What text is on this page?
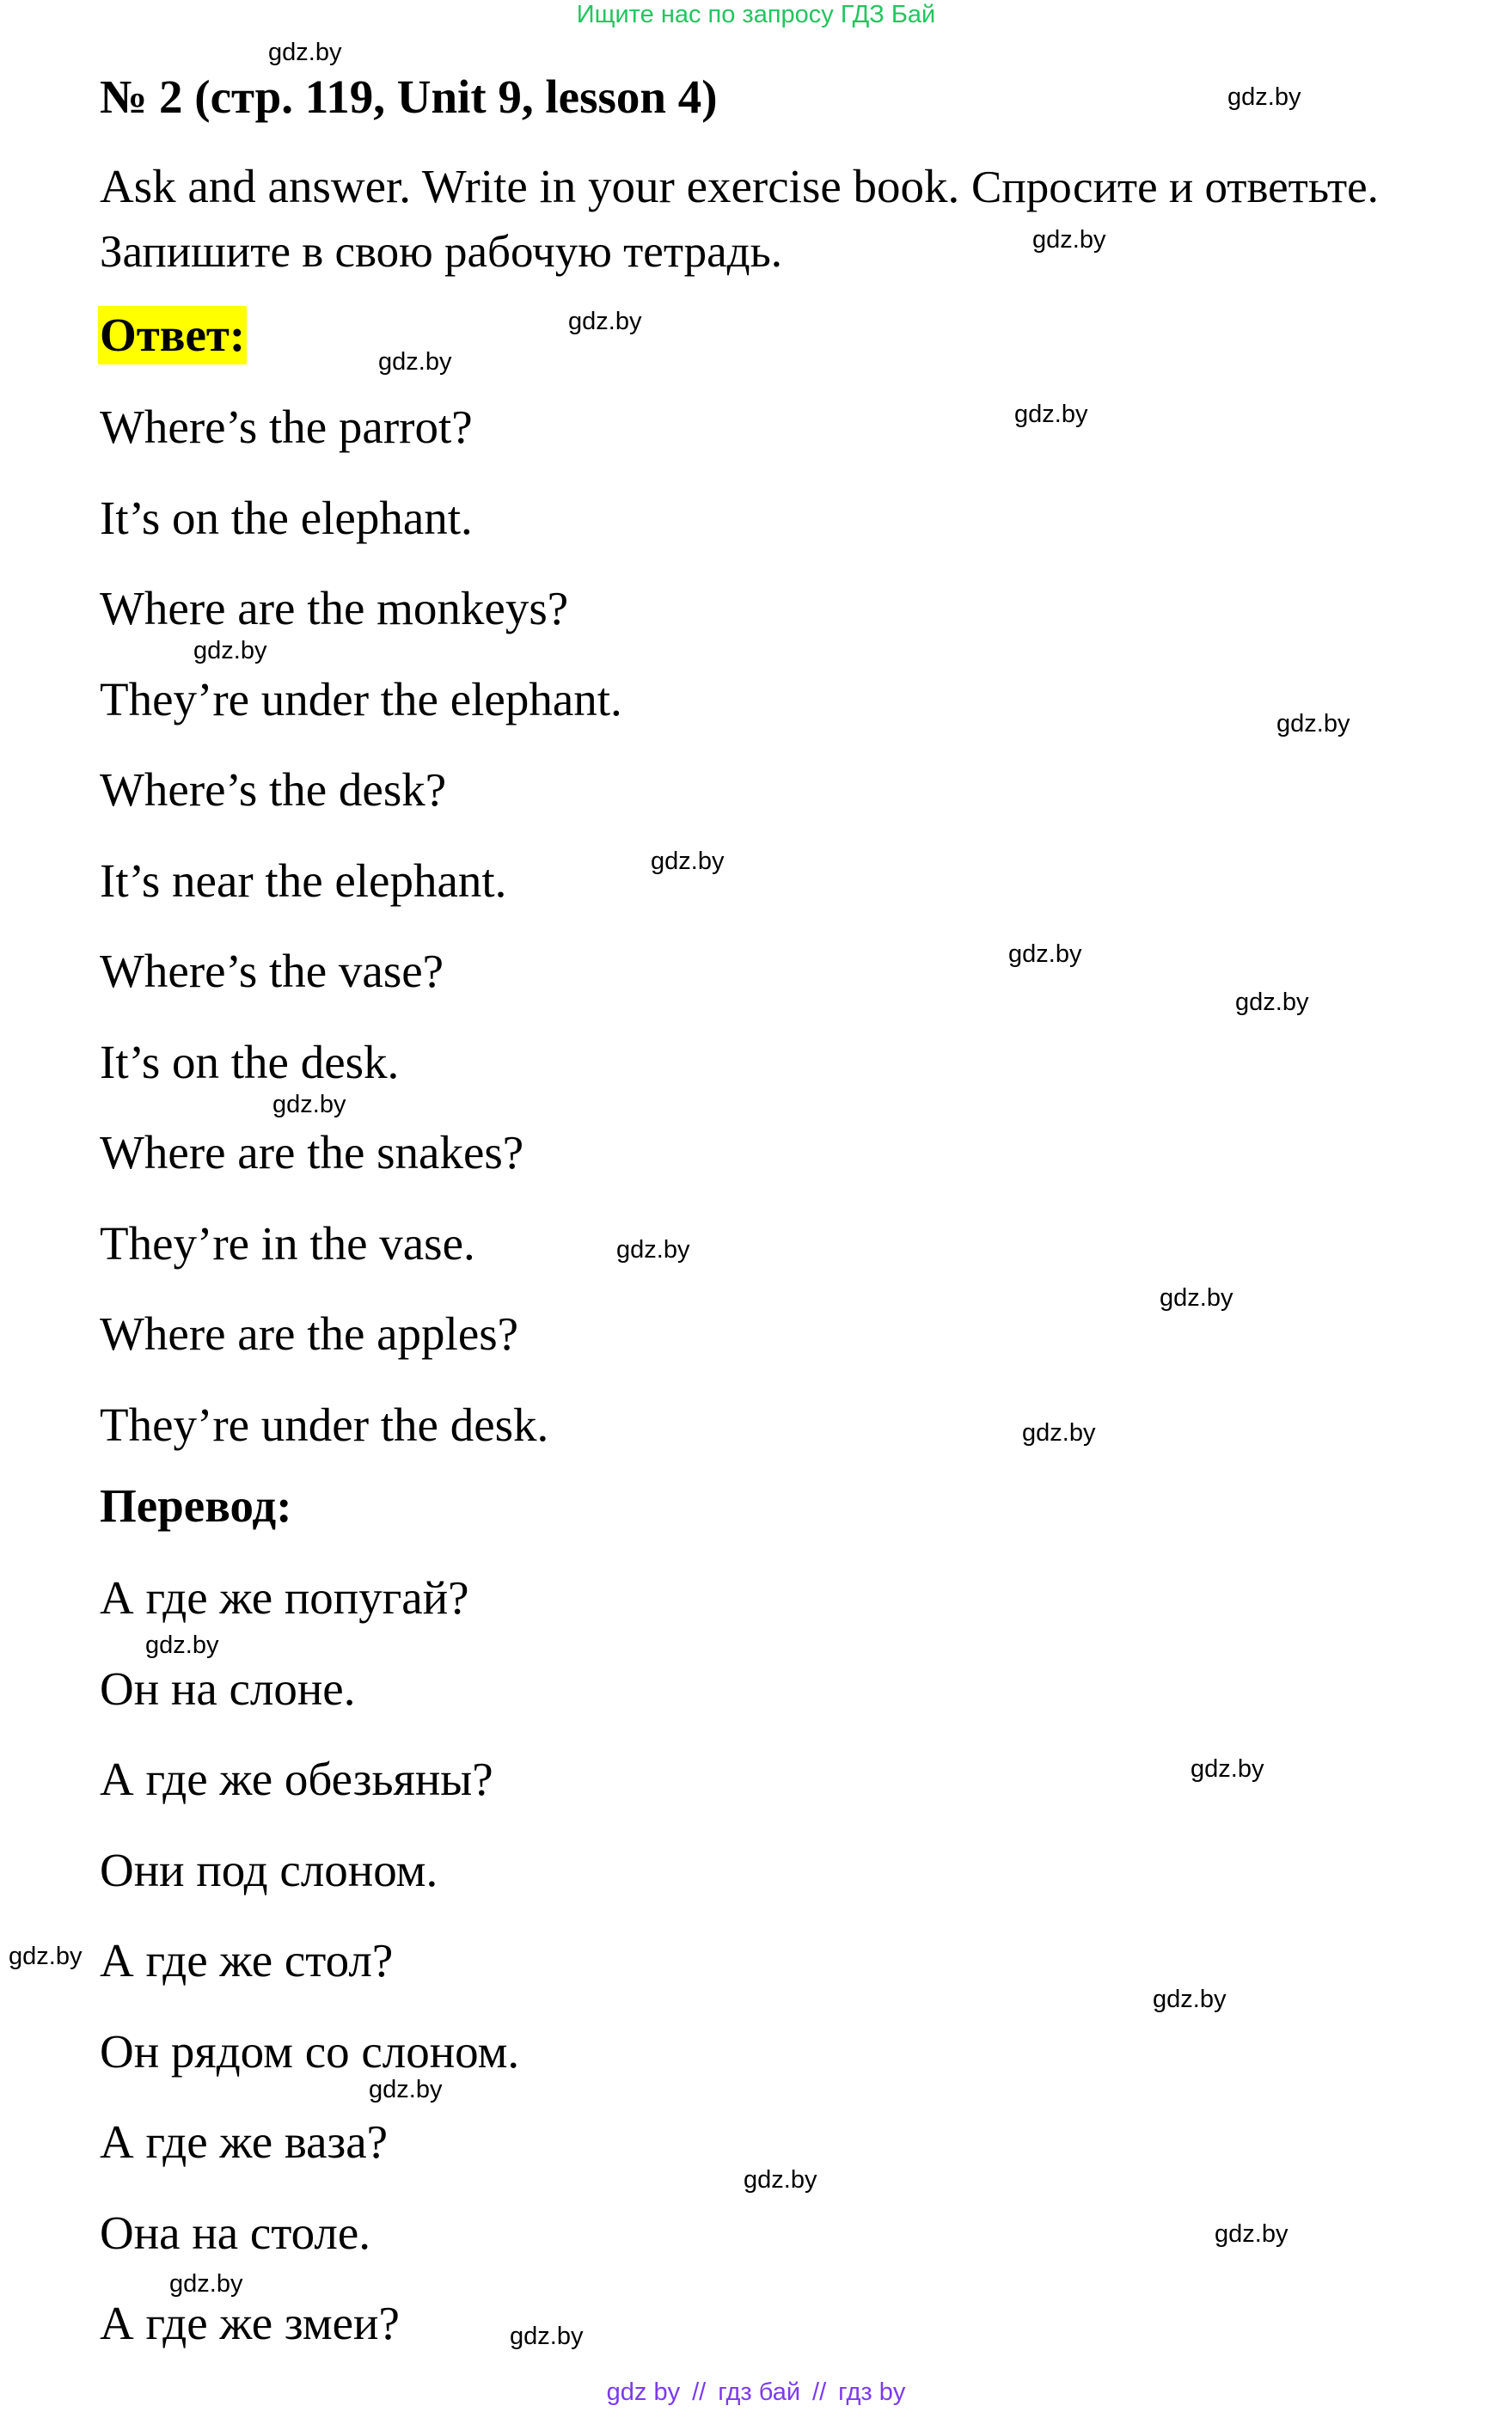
Ищите нас по запросу ГДЗ Бай
№ 2 (стр. 119, Unit 9, lesson 4)
Ask and answer. Write in your exercise book. Спросите и ответьте. Запишите в свою рабочую тетрадь.
Ответ:
Where’s the parrot?
It’s on the elephant.
Where are the monkeys?
They’re under the elephant.
Where’s the desk?
It’s near the elephant.
Where’s the vase?
It’s on the desk.
Where are the snakes?
They’re in the vase.
Where are the apples?
They’re under the desk.
Перевод:
А где же попугай?
Он на слоне.
А где же обезьяны?
Они под слоном.
А где же стол?
Он рядом со слоном.
А где же ваза?
Она на столе.
А где же змеи?
gdz.by
gdz.by
gdz.by
gdz.by
gdz.by
gdz.by
gdz.by
gdz.by
gdz.by
gdz.by
gdz.by
gdz.by
gdz.by
gdz.by
gdz.by
gdz.by
gdz.by
gdz.by
gdz.by
gdz.by
gdz.by
gdz.by
gdz.by
gdz.by
gdz by // гдз бай // гдз by
